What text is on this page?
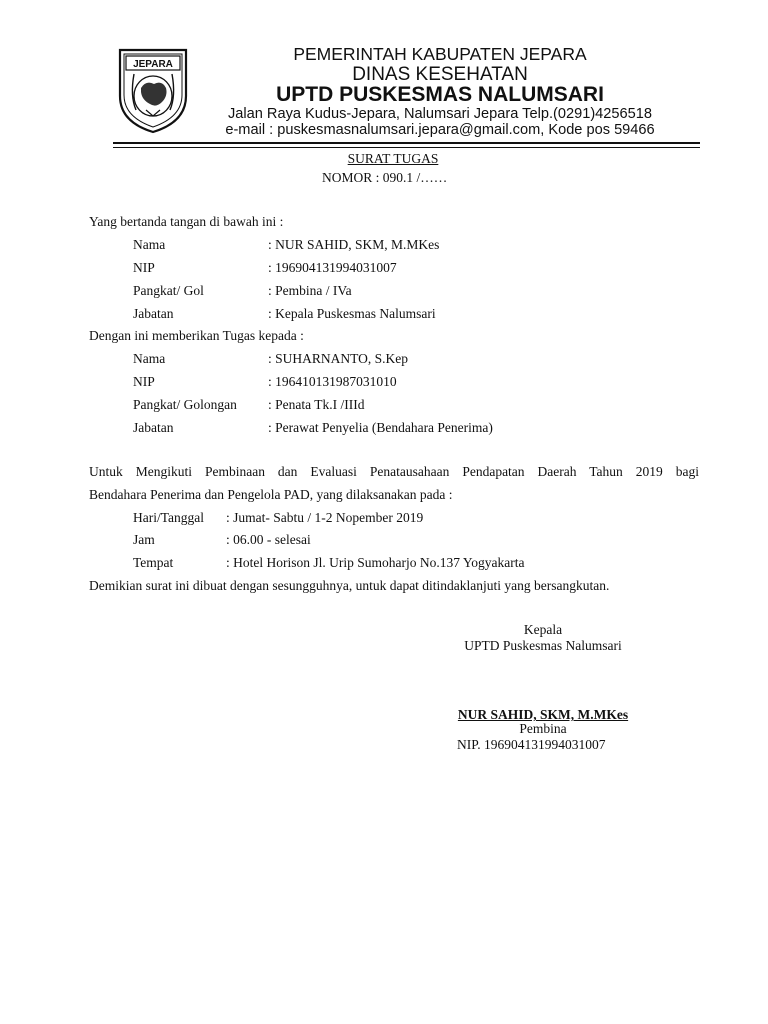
JEPARA
PEMERINTAH KABUPATEN JEPARA
DINAS KESEHATAN
UPTD PUSKESMAS NALUMSARI
Jalan Raya Kudus-Jepara, Nalumsari Jepara Telp.(0291)4256518
e-mail : puskesmasnalumsari.jepara@gmail.com, Kode pos 59466
SURAT TUGAS
NOMOR : 090.1 /……
Yang bertanda tangan di bawah ini :
Nama	: NUR SAHID, SKM, M.MKes
NIP	: 196904131994031007
Pangkat/ Gol	: Pembina / IVa
Jabatan	: Kepala Puskesmas Nalumsari
Dengan ini memberikan Tugas kepada :
Nama	: SUHARNANTO, S.Kep
NIP	: 196410131987031010
Pangkat/ Golongan : Penata Tk.I /IIId
Jabatan	: Perawat Penyelia (Bendahara Penerima)
Untuk Mengikuti Pembinaan dan Evaluasi Penatausahaan Pendapatan Daerah Tahun 2019 bagi
Bendahara Penerima dan Pengelola PAD, yang dilaksanakan pada :
Hari/Tanggal : Jumat- Sabtu / 1-2 Nopember 2019
Jam	: 06.00 - selesai
Tempat	: Hotel Horison Jl. Urip Sumoharjo No.137 Yogyakarta
Demikian surat ini dibuat dengan sesungguhnya, untuk dapat ditindaklanjuti yang bersangkutan.
Kepala
UPTD Puskesmas Nalumsari
NUR SAHID, SKM, M.MKes
Pembina
NIP. 196904131994031007
